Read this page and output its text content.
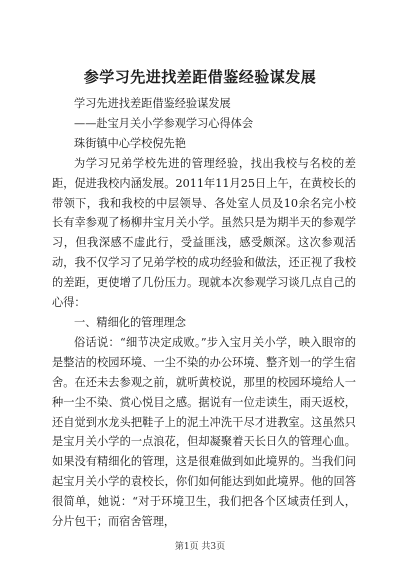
参学习先进找差距借鉴经验谋发展

学习先进找差距借鉴经验谋发展

——赴宝月关小学参观学习心得体会

珠街镇中心学校倪先艳

为学习兄弟学校先进的管理经验，找出我校与名校的差距，促进我校内涵发展。2011年11月25日上午，在黄校长的带领下，我和我校的中层领导、各处室人员及10余名完小校长有幸参观了杨柳井宝月关小学。虽然只是为期半天的参观学习，但我深感不虚此行，受益匪浅，感受颇深。这次参观活动，我不仅学习了兄弟学校的成功经验和做法，还正视了我校的差距，更使增了几份压力。现就本次参观学习谈几点自己的心得：

一、精细化的管理理念

俗话说：“细节决定成败。”步入宝月关小学，映入眼帘的是整洁的校园环境、一尘不染的办公环境、整齐划一的学生宿舍。在还未去参观之前，就听黄校说，那里的校园环境给人一种一尘不染、赏心悦目之感。据说有一位走读生，雨天返校，还自觉到水龙头把鞋子上的泥土冲洗干尽才进教室。这虽然只是宝月关小学的一点浪花，但却凝聚着天长日久的管理心血。如果没有精细化的管理，这是很难做到如此境界的。当我们问起宝月关小学的袁校长，你们如何能达到如此境界。他的回答很简单，她说：“对于环境卫生，我们把各个区域责任到人，分片包干；而宿舍管理，

第1页 共3页
